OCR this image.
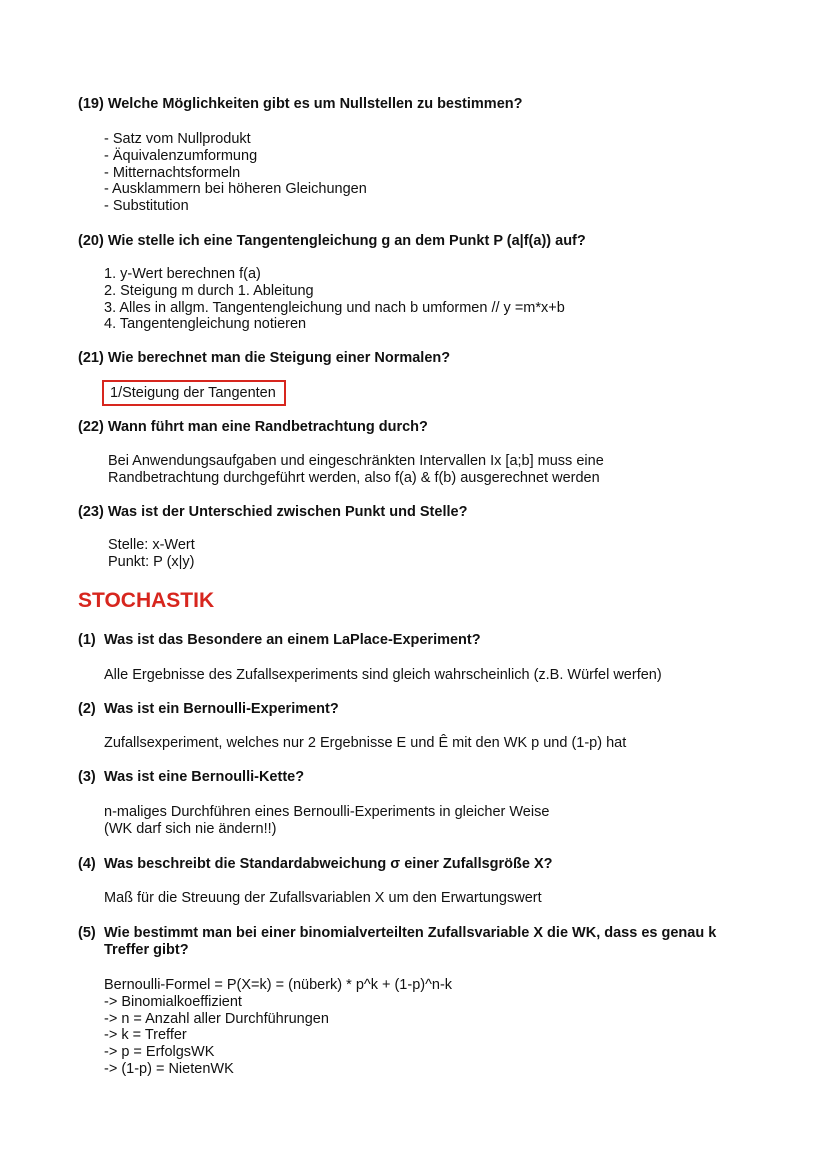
(19) Welche Möglichkeiten gibt es um Nullstellen zu bestimmen?
- Satz vom Nullprodukt
- Äquivalenzumformung
- Mitternachtsformeln
- Ausklammern bei höheren Gleichungen
- Substitution
(20) Wie stelle ich eine Tangentengleichung g an dem Punkt P (a|f(a)) auf?
1. y-Wert berechnen f(a)
2. Steigung m durch 1. Ableitung
3. Alles in allgm. Tangentengleichung und nach b umformen // y =m*x+b
4. Tangentengleichung notieren
(21) Wie berechnet man die Steigung einer Normalen?
1/Steigung der Tangenten
(22) Wann führt man eine Randbetrachtung durch?
Bei Anwendungsaufgaben und eingeschränkten Intervallen Ix [a;b] muss eine
Randbetrachtung durchgeführt werden, also f(a) & f(b) ausgerechnet werden
(23) Was ist der Unterschied zwischen Punkt und Stelle?
Stelle: x-Wert
Punkt: P (x|y)
STOCHASTIK
(1) Was ist das Besondere an einem LaPlace-Experiment?
Alle Ergebnisse des Zufallsexperiments sind gleich wahrscheinlich (z.B. Würfel werfen)
(2) Was ist ein Bernoulli-Experiment?
Zufallsexperiment, welches nur 2 Ergebnisse E und Ê mit den WK p und (1-p) hat
(3) Was ist eine Bernoulli-Kette?
n-maliges Durchführen eines Bernoulli-Experiments in gleicher Weise
(WK darf sich nie ändern!!)
(4) Was beschreibt die Standardabweichung σ einer Zufallsgröße X?
Maß für die Streuung der Zufallsvariablen X um den Erwartungswert
(5) Wie bestimmt man bei einer binomialverteilten Zufallsvariable X die WK, dass es genau k Treffer gibt?
Bernoulli-Formel = P(X=k) = (nüberk) * p^k + (1-p)^n-k
-> Binomialkoeffizient
-> n = Anzahl aller Durchführungen
-> k = Treffer
-> p = ErfolgsWK
-> (1-p) = NietenWK
